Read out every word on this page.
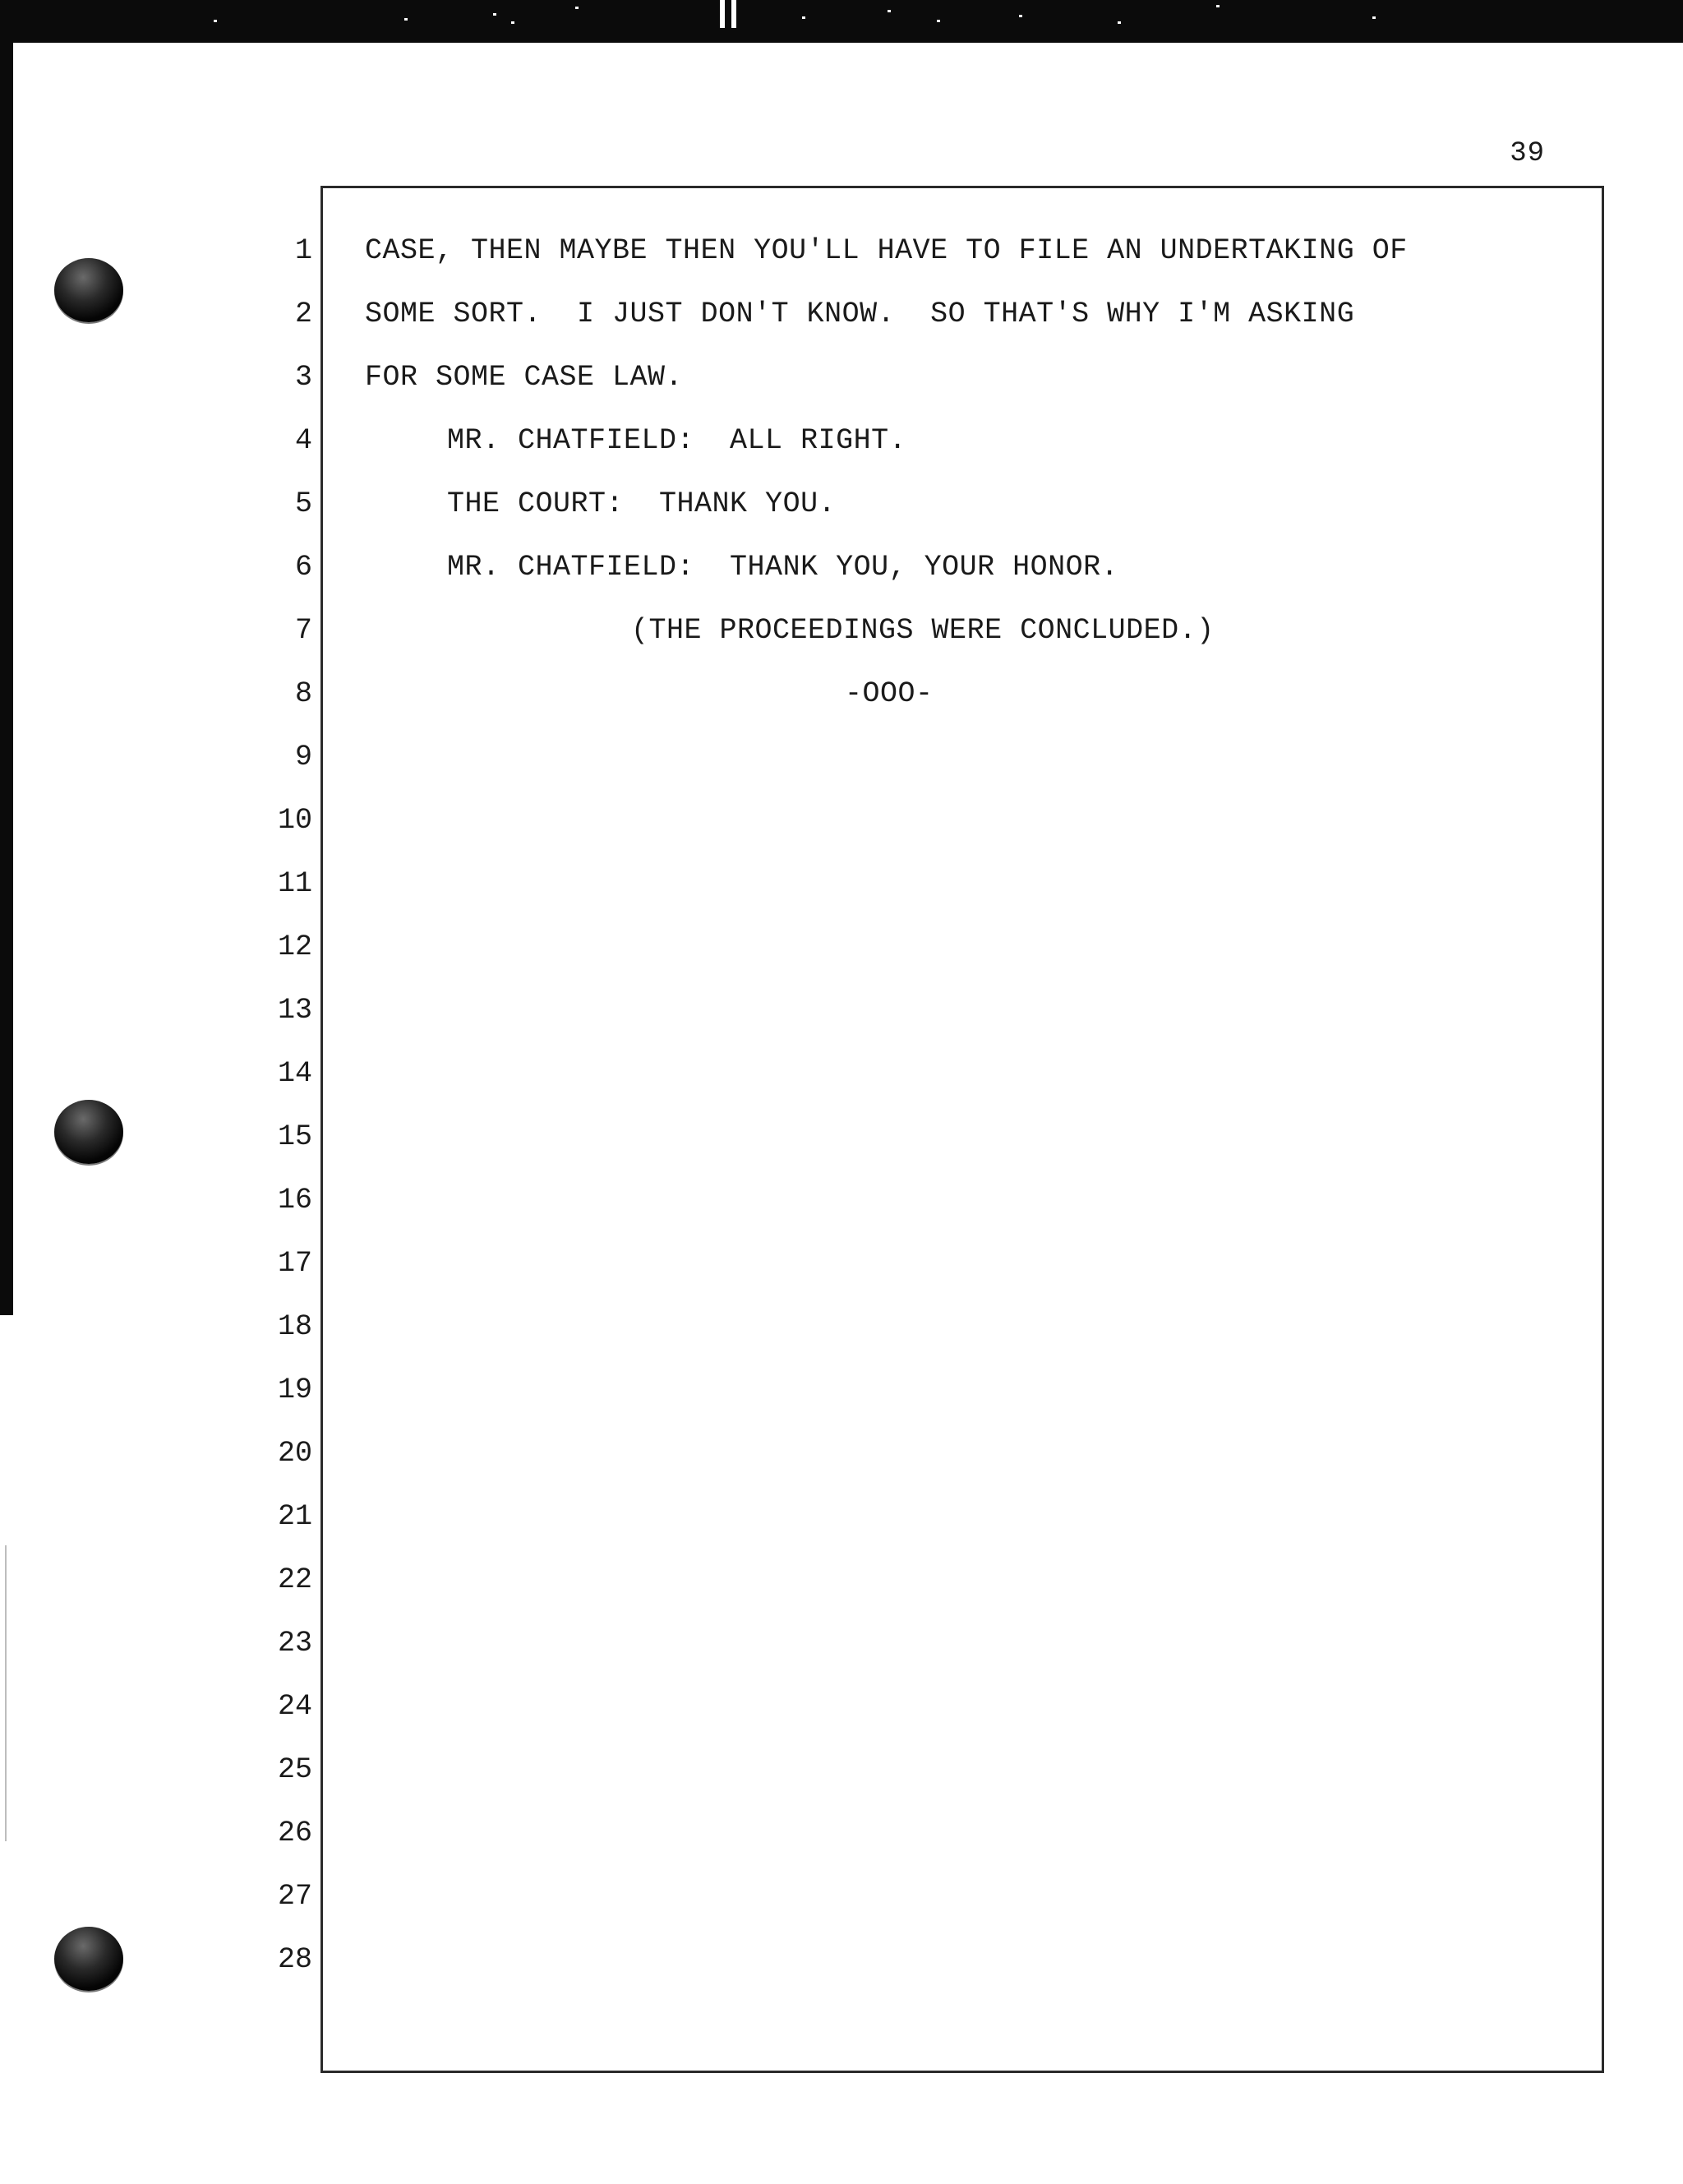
39
1 CASE, THEN MAYBE THEN YOU'LL HAVE TO FILE AN UNDERTAKING OF
2 SOME SORT.  I JUST DON'T KNOW.  SO THAT'S WHY I'M ASKING
3 FOR SOME CASE LAW.
4	MR. CHATFIELD:  ALL RIGHT.
5	THE COURT:  THANK YOU.
6	MR. CHATFIELD:  THANK YOU, YOUR HONOR.
7	(THE PROCEEDINGS WERE CONCLUDED.)
8	-OOO-
9
10
11
12
13
14
15
16
17
18
19
20
21
22
23
24
25
26
27
28
